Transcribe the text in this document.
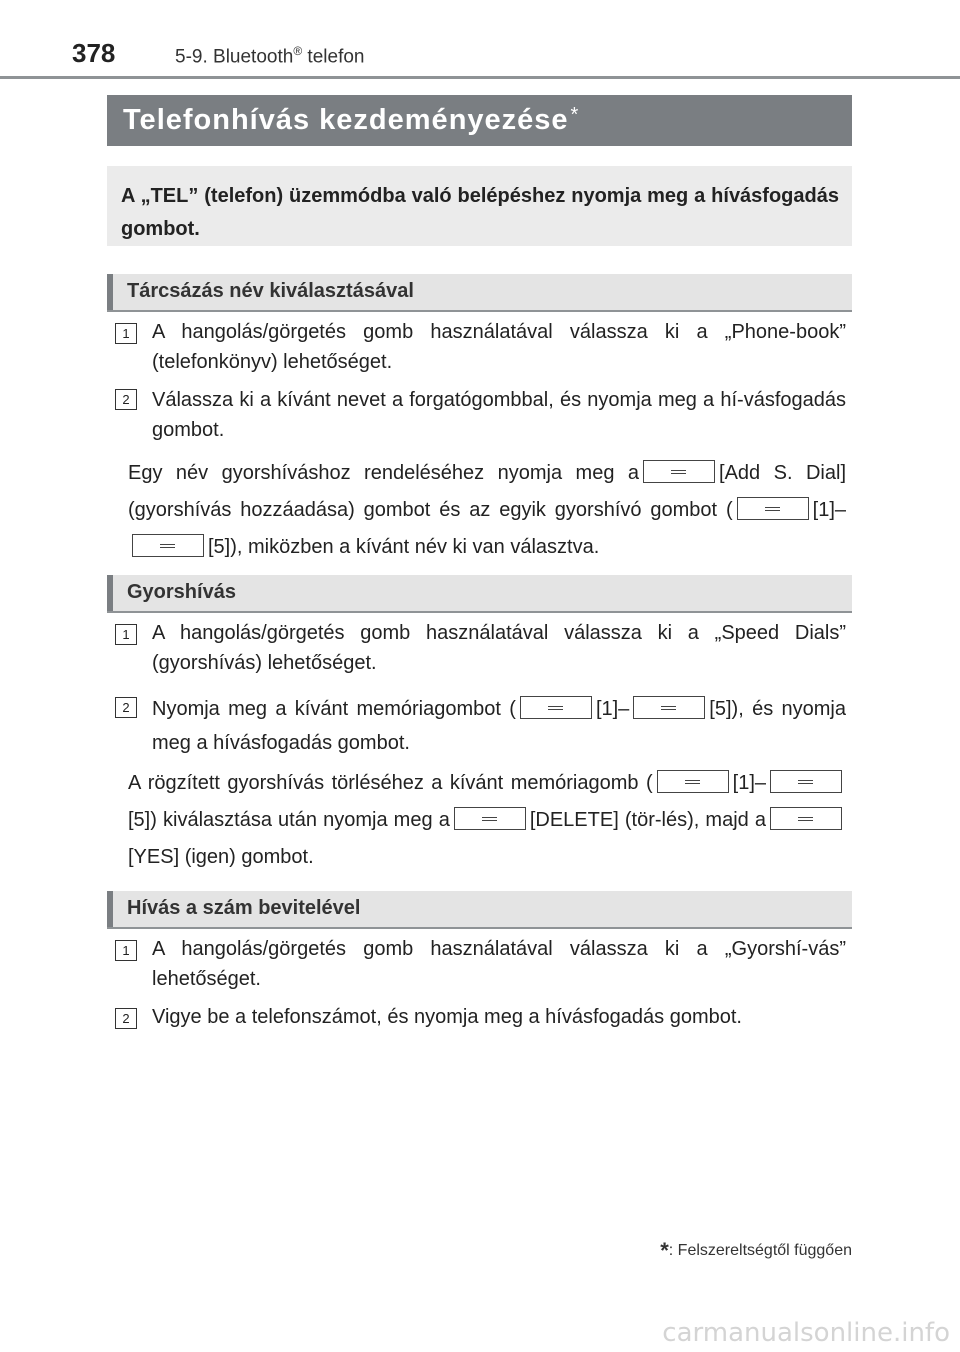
378	5-9. Bluetooth® telefon
Telefonhívás kezdeményezése *
A „TEL” (telefon) üzemmódba való belépéshez nyomja meg a hívásfogadás gombot.
Tárcsázás név kiválasztásával
1	A hangolás/görgetés gomb használatával válassza ki a „Phone-book” (telefonkönyv) lehetőséget.
2	Válassza ki a kívánt nevet a forgatógombbal, és nyomja meg a hí-vásfogadás gombot.
Egy név gyorshíváshoz rendeléséhez nyomja meg a	[Add S. Dial] (gyorshívás hozzáadása) gombot és az egyik gyorshívó gombot (	[1]–[5]), miközben a kívánt név ki van választva.
Gyorshívás
1	A hangolás/görgetés gomb használatával válassza ki a „Speed Dials” (gyorshívás) lehetőséget.
2	Nyomja meg a kívánt memóriagombot (	[1]–	[5]), és nyomja meg a hívásfogadás gombot.
A rögzített gyorshívás törléséhez a kívánt memóriagomb (	[1]–[5]) kiválasztása után nyomja meg a	[DELETE] (tör-lés), majd a[YES] (igen) gombot.
Hívás a szám bevitelével
1	A hangolás/görgetés gomb használatával válassza ki a „Gyorshí-vás” lehetőséget.
2	Vigye be a telefonszámot, és nyomja meg a hívásfogadás gombot.
*: Felszereltségtől függően
carmanualsonline.info
